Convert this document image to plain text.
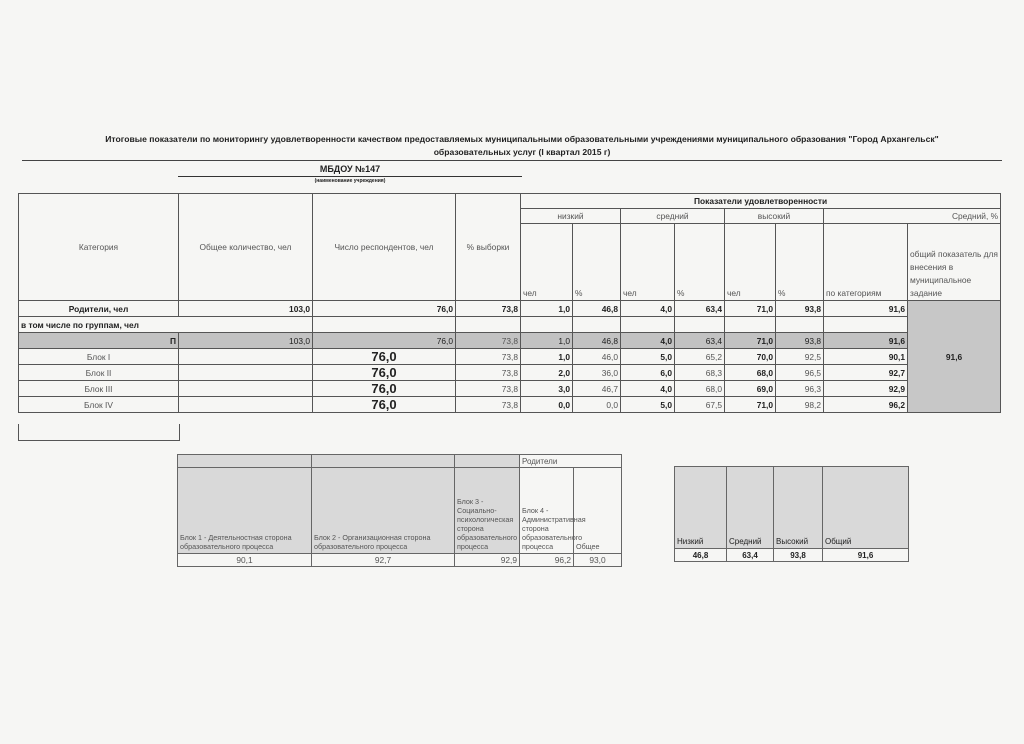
Итоговые показатели по мониторингу удовлетворенности качеством предоставляемых муниципальными образовательными учреждениями муниципального образования "Город Архангельск"
образовательных услуг (I квартал 2015 г)
МБДОУ №147
(наименование учреждения)
Категория	Общее количество, чел	Число респондентов, чел	% выборки	Показатели удовлетворенности							
				низкий		средний		высокий		Средний, %	
				чел	%	чел	%	чел	%	по категориям	общий показатель для внесения в муниципальное задание
Родители, чел	103,0	76,0	73,8	1,0	46,8	4,0	63,4	71,0	93,8	91,6	91,6
в том числе по группам, чел											
П	103,0	76,0	73,8	1,0	46,8	4,0	63,4	71,0	93,8	91,6	
Блок I		76,0	73,8	1,0	46,0	5,0	65,2	70,0	92,5	90,1	
Блок II		76,0	73,8	2,0	36,0	6,0	68,3	68,0	96,5	92,7	
Блок III		76,0	73,8	3,0	46,7	4,0	68,0	69,0	96,3	92,9	
Блок IV		76,0	73,8	0,0	0,0	5,0	67,5	71,0	98,2	96,2	
			Родители	
Блок 1 - Деятельностная сторона образовательного процесса	Блок 2 - Организационная сторона образовательного процесса	Блок 3 - Социально-психологическая сторона образовательного процесса	Блок 4 - Административная сторона образовательного процесса	Общее
90,1	92,7	92,9	96,2	93,0
Низкий	Средний	Высокий	Общий
46,8	63,4	93,8	91,6
